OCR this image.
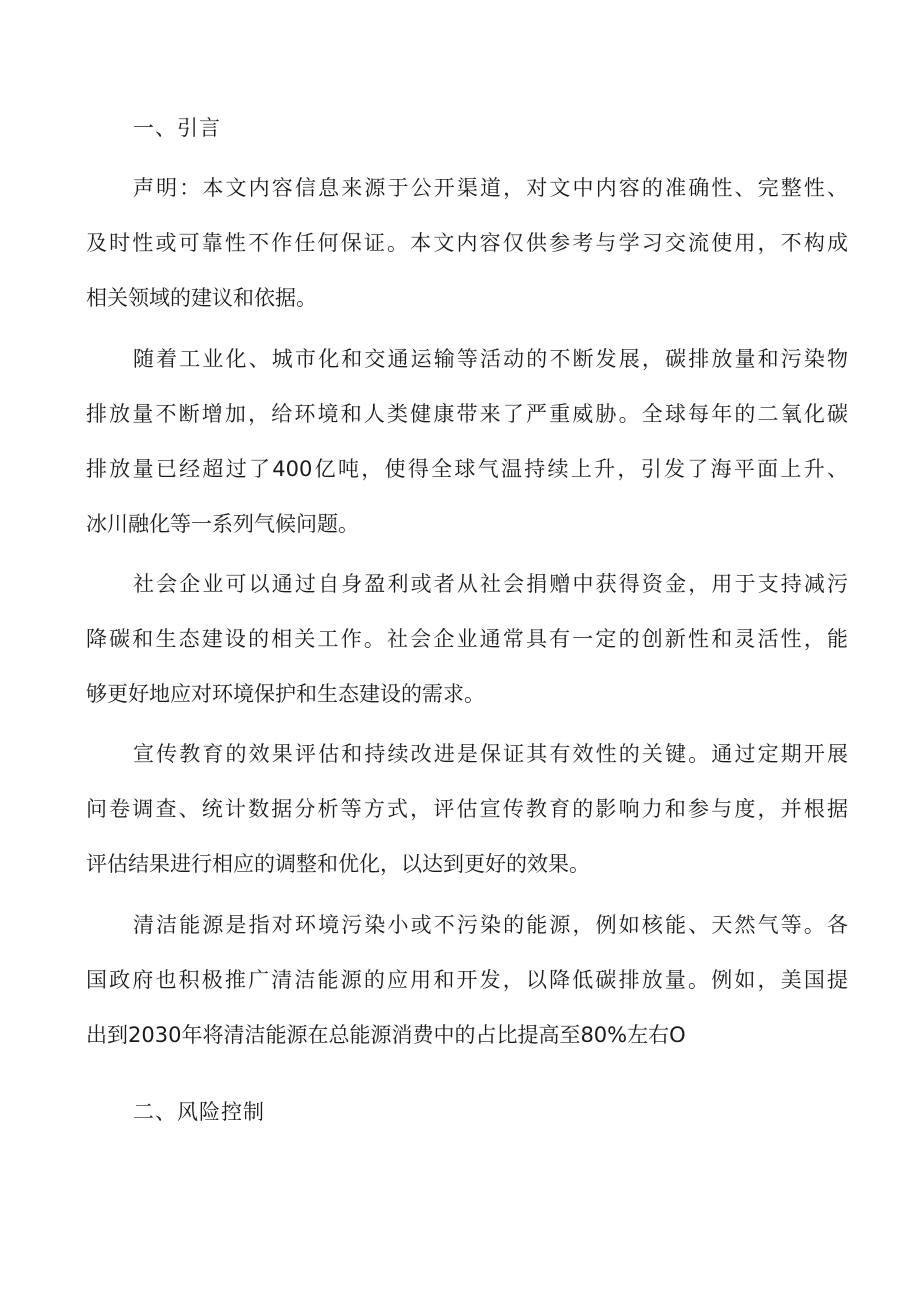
一、引言
声明：本文内容信息来源于公开渠道，对文中内容的准确性、完整性、
及时性或可靠性不作任何保证。本文内容仅供参考与学习交流使用，不构成
相关领域的建议和依据。
随着工业化、城市化和交通运输等活动的不断发展，碳排放量和污染物
排放量不断增加，给环境和人类健康带来了严重威胁。全球每年的二氧化碳
排放量已经超过了400亿吨，使得全球气温持续上升，引发了海平面上升、
冰川融化等一系列气候问题。
社会企业可以通过自身盈利或者从社会捐赠中获得资金，用于支持减污
降碳和生态建设的相关工作。社会企业通常具有一定的创新性和灵活性，能
够更好地应对环境保护和生态建设的需求。
宣传教育的效果评估和持续改进是保证其有效性的关键。通过定期开展
问卷调查、统计数据分析等方式，评估宣传教育的影响力和参与度，并根据
评估结果进行相应的调整和优化，以达到更好的效果。
清洁能源是指对环境污染小或不污染的能源，例如核能、天然气等。各
国政府也积极推广清洁能源的应用和开发，以降低碳排放量。例如，美国提
出到2030年将清洁能源在总能源消费中的占比提高至80%左右O
二、风险控制
